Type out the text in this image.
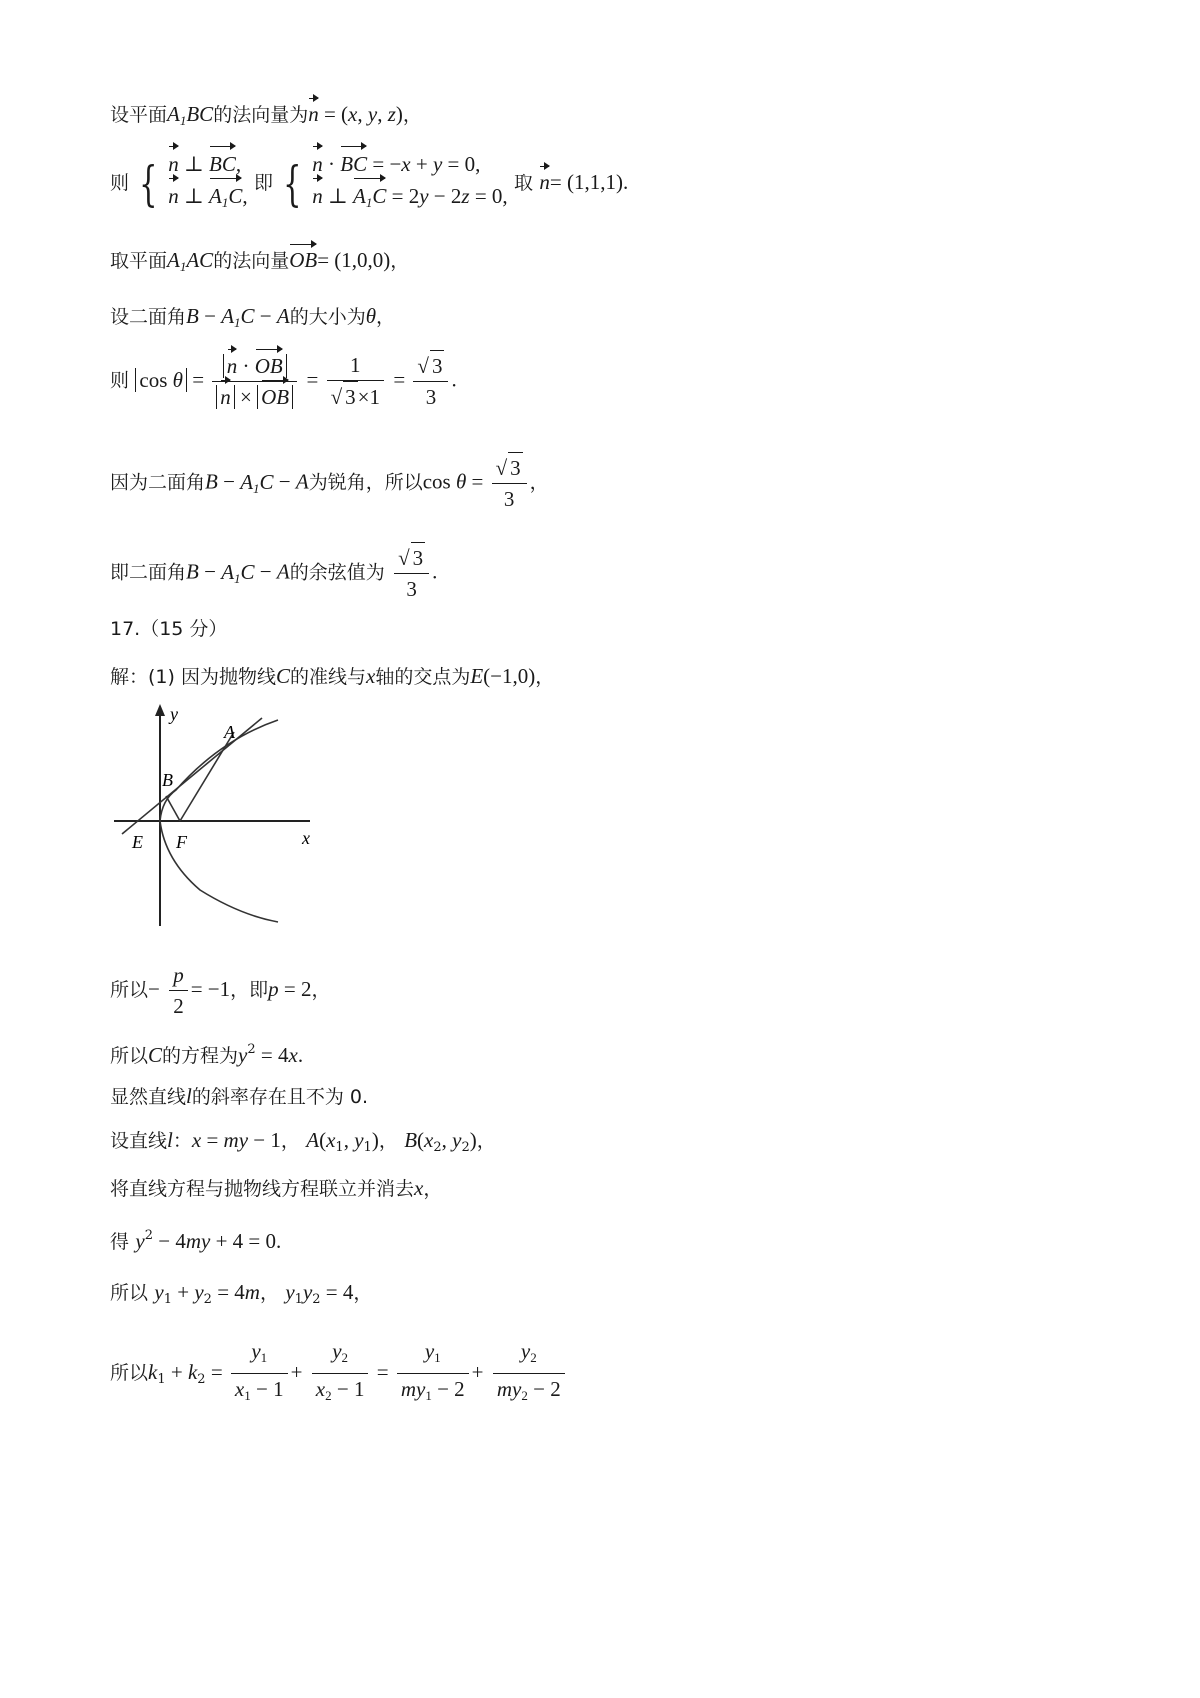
设平面$A_1BC$的法向量为n = (x, y, z)，
则 { n ⊥ BC,
n ⊥ $A_1C$,
即 { n · BC = −x + y = 0,
n ⊥ $A_1C = 2y - 2z = 0$,
取 n= (1,1,1).
取平面$A_1AC$的法向量OB= (1,0,0)，
设二面角$B - A_1C - A$的大小为θ，
则 $\cos \theta = \frac{n \cdot OB}{n \times OB} = \frac{1}{√ 3\times 1} = \frac{√ 3}{3}$ .
因为二面角$B - A_1C - A$为锐角，所以$\cos \theta = \frac{√ 3}{3}$ ，
即二面角$B - A_1C - A$的余弦值为 $\frac{√ 3}{3}$ .
17.（15 分）
解：(1) 因为抛物线C的准线与x轴的交点为E(−1,0)，
y
x
A
B
E F
所以− $\frac{p}{2} = -1$，即p = 2，
所以C的方程为$y^2 = 4x$.
显然直线l的斜率存在且不为 0.
设直线l：x = my − 1， $A(x_1$, $y_1$)， $B(x_2$, $y_2$)，
将直线方程与抛物线方程联立并消去x，
得 $y^2 - 4my + 4 = 0$.
所以 $y_1 + y_2 = 4m$， $y_1y_2 = 4$，
所以$k_1 + k_2 = \frac{y_1}{x_1 - 1} + \frac{y_2}{x_2 - 1} = \frac{y_1}{my_1 - 2} + \frac{y_2}{my_2 - 2}$
